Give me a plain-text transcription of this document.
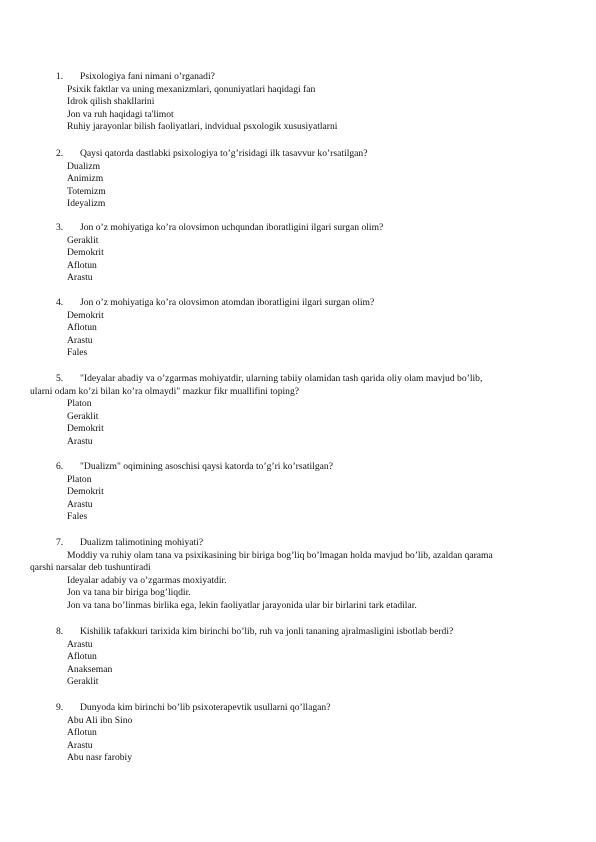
1. Psixologiya fani nimani o’rganadi?
Psixik faktlar va uning mexanizmlari, qonuniyatlari haqidagi fan
Idrok qilish shakllarini
Jon va ruh haqidagi ta'limot
Ruhiy jarayonlar bilish faoliyatlari, indvidual psxologik xususiyatlarni
2. Qaysi qatorda dastlabki psixologiya to’g’risidagi ilk tasavvur ko’rsatilgan?
Dualizm
Animizm
Totemizm
Ideyalizm
3. Jon o’z mohiyatiga ko’ra olovsimon uchqundan iboratligini ilgari surgan olim?
Geraklit
Demokrit
Aflotun
Arastu
4. Jon o’z mohiyatiga ko’ra olovsimon atomdan iboratligini ilgari surgan olim?
Demokrit
Aflotun
Arastu
Fales
5. "Ideyalar abadiy va o’zgarmas mohiyatdir, ularning tabiiy olamidan tash qarida oliy olam mavjud bo’lib,
ularni odam ko’zi bilan ko’ra olmaydi" mazkur fikr muallifini toping?
Platon
Geraklit
Demokrit
Arastu
6. "Dualizm" oqimining asoschisi qaysi katorda to’g’ri ko’rsatilgan?
Platon
Demokrit
Arastu
Fales
7. Dualizm talimotining mohiyati?
Moddiy va ruhiy olam tana va psixikasining bir biriga bog’liq bo’lmagan holda mavjud bo’lib, azaldan qarama
qarshi narsalar deb tushuntiradi
Ideyalar adabiy va o’zgarmas moxiyatdir.
Jon va tana bir biriga bog’liqdir.
Jon va tana bo’linmas birlika ega, lekin faoliyatlar jarayonida ular bir birlarini tark etadilar.
8. Kishilik tafakkuri tarixida kim birinchi bo’lib, ruh va jonli tananing ajralmasligini isbotlab berdi?
Arastu
Aflotun
Anakseman
Geraklit
9. Dunyoda kim birinchi bo’lib psixoterapevtik usullarni qo’llagan?
Abu Ali ibn Sino
Aflotun
Arastu
Abu nasr farobiy
